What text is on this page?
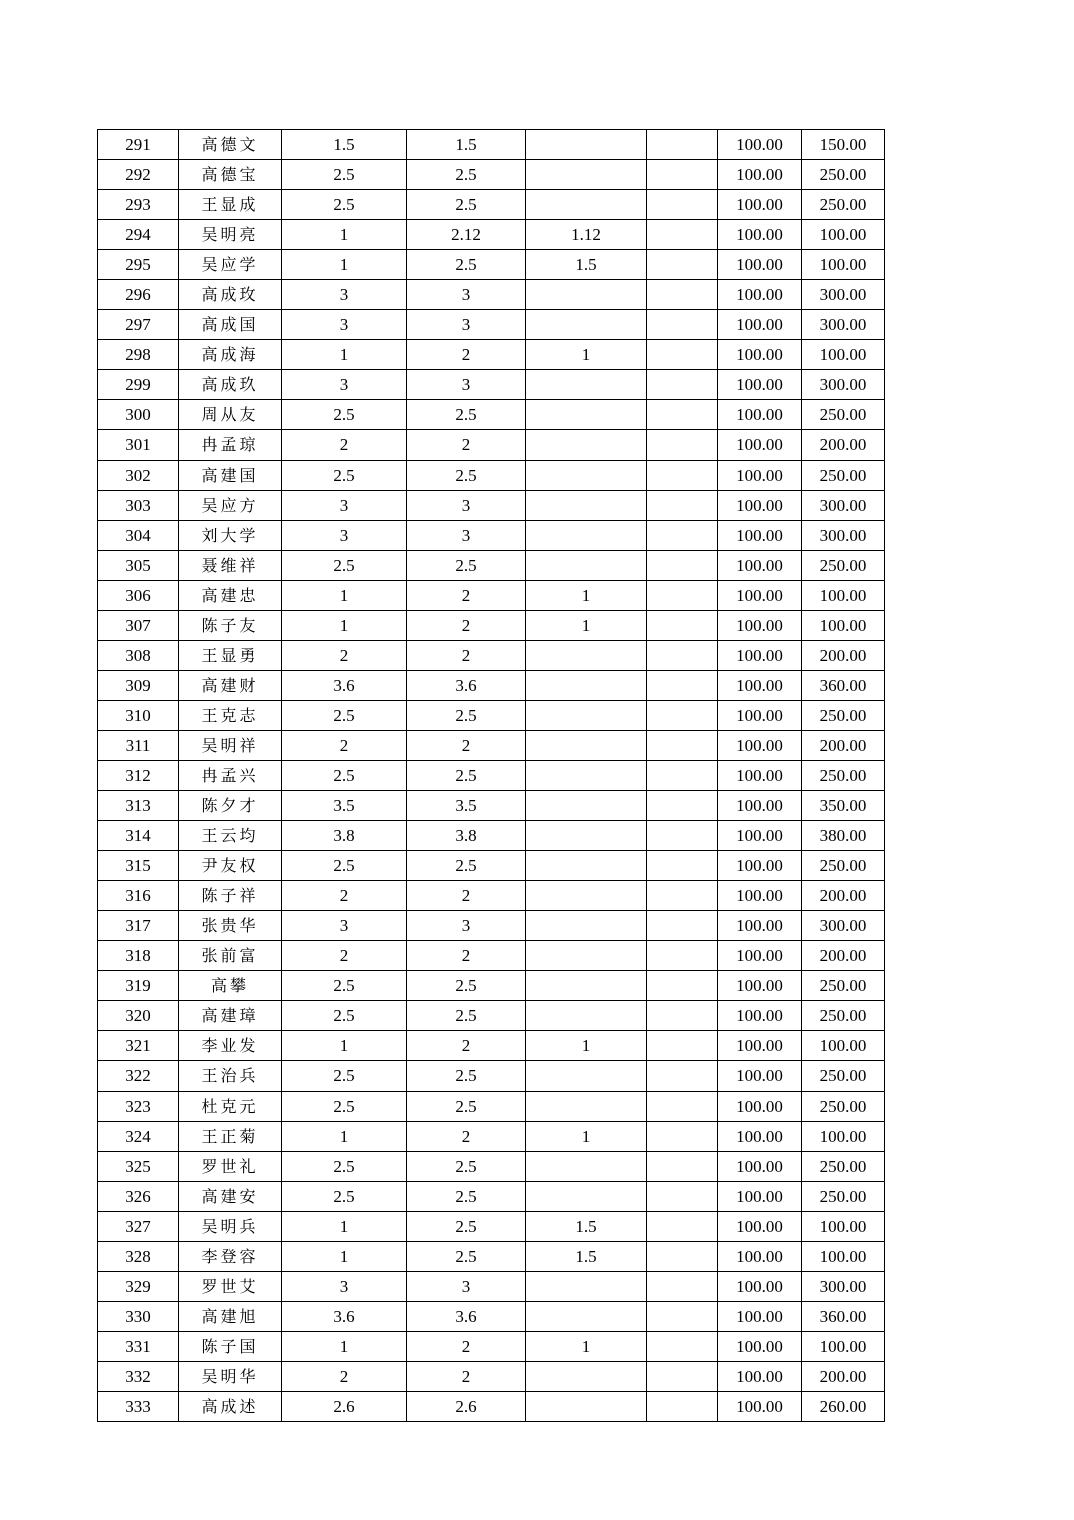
291	高德文	1.5	1.5			100.00	150.00
292	高德宝	2.5	2.5			100.00	250.00
293	王显成	2.5	2.5			100.00	250.00
294	吴明亮	1	2.12	1.12		100.00	100.00
295	吴应学	1	2.5	1.5		100.00	100.00
296	高成玫	3	3			100.00	300.00
297	高成国	3	3			100.00	300.00
298	高成海	1	2	1		100.00	100.00
299	高成玖	3	3			100.00	300.00
300	周从友	2.5	2.5			100.00	250.00
301	冉孟琼	2	2			100.00	200.00
302	高建国	2.5	2.5			100.00	250.00
303	吴应方	3	3			100.00	300.00
304	刘大学	3	3			100.00	300.00
305	聂维祥	2.5	2.5			100.00	250.00
306	高建忠	1	2	1		100.00	100.00
307	陈子友	1	2	1		100.00	100.00
308	王显勇	2	2			100.00	200.00
309	高建财	3.6	3.6			100.00	360.00
310	王克志	2.5	2.5			100.00	250.00
311	吴明祥	2	2			100.00	200.00
312	冉孟兴	2.5	2.5			100.00	250.00
313	陈夕才	3.5	3.5			100.00	350.00
314	王云均	3.8	3.8			100.00	380.00
315	尹友权	2.5	2.5			100.00	250.00
316	陈子祥	2	2			100.00	200.00
317	张贵华	3	3			100.00	300.00
318	张前富	2	2			100.00	200.00
319	高攀	2.5	2.5			100.00	250.00
320	高建璋	2.5	2.5			100.00	250.00
321	李业发	1	2	1		100.00	100.00
322	王治兵	2.5	2.5			100.00	250.00
323	杜克元	2.5	2.5			100.00	250.00
324	王正菊	1	2	1		100.00	100.00
325	罗世礼	2.5	2.5			100.00	250.00
326	高建安	2.5	2.5			100.00	250.00
327	吴明兵	1	2.5	1.5		100.00	100.00
328	李登容	1	2.5	1.5		100.00	100.00
329	罗世艾	3	3			100.00	300.00
330	高建旭	3.6	3.6			100.00	360.00
331	陈子国	1	2	1		100.00	100.00
332	吴明华	2	2			100.00	200.00
333	高成述	2.6	2.6			100.00	260.00
